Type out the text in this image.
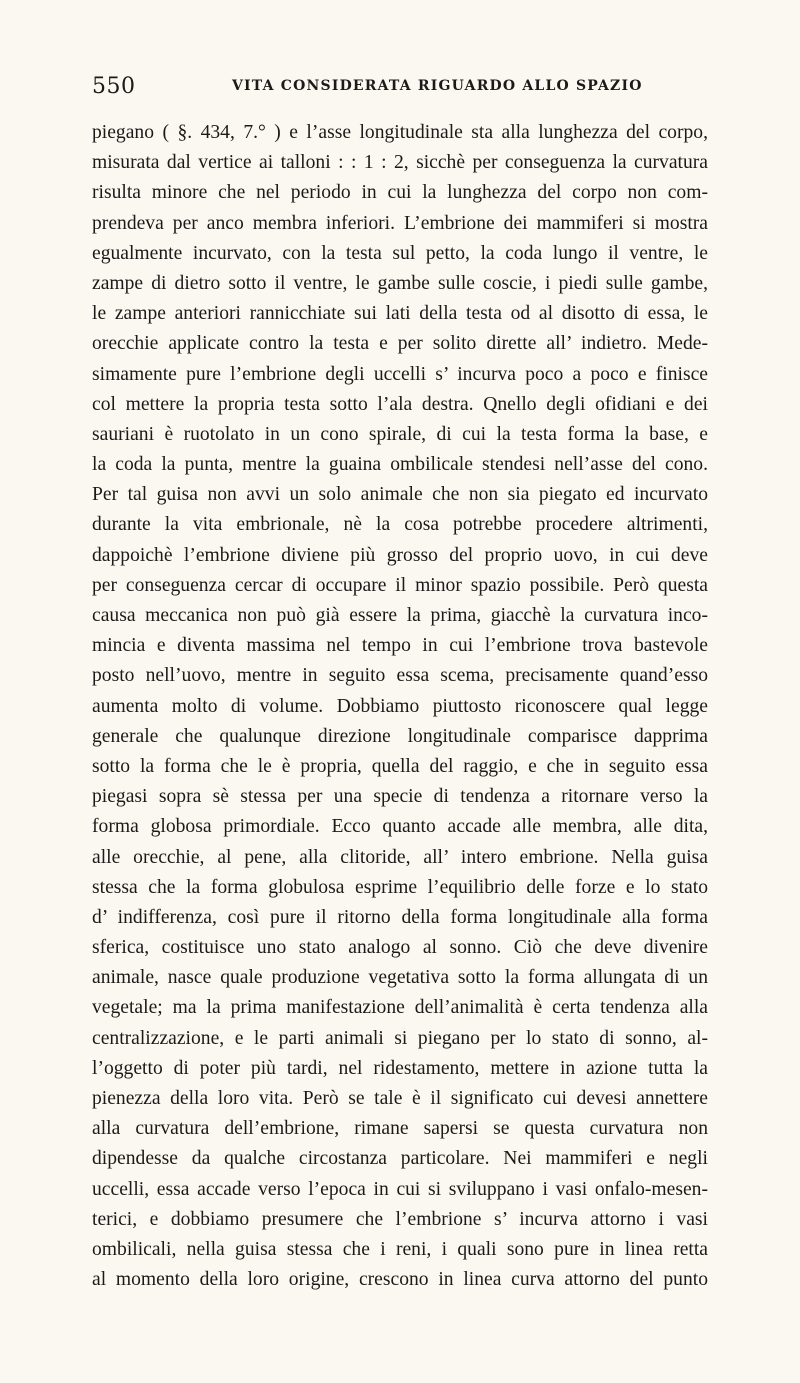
550	VITA CONSIDERATA RIGUARDO ALLO SPAZIO
piegano ( §. 434, 7.° ) e l’asse longitudinale sta alla lunghezza del corpo,
misurata dal vertice ai talloni : : 1 : 2, sicchè per conseguenza la curvatura
risulta minore che nel periodo in cui la lunghezza del corpo non com-
prendeva per anco membra inferiori. L’embrione dei mammiferi si mostra
egualmente incurvato, con la testa sul petto, la coda lungo il ventre, le
zampe di dietro sotto il ventre, le gambe sulle coscie, i piedi sulle gambe,
le zampe anteriori rannicchiate sui lati della testa od al disotto di essa, le
orecchie applicate contro la testa e per solito dirette all’ indietro. Mede-
simamente pure l’embrione degli uccelli s’ incurva poco a poco e finisce
col mettere la propria testa sotto l’ala destra. Qnello degli ofidiani e dei
sauriani è ruotolato in un cono spirale, di cui la testa forma la base, e
la coda la punta, mentre la guaina ombilicale stendesi nell’asse del cono.
Per tal guisa non avvi un solo animale che non sia piegato ed incurvato
durante la vita embrionale, nè la cosa potrebbe procedere altrimenti,
dappoichè l’embrione diviene più grosso del proprio uovo, in cui deve
per conseguenza cercar di occupare il minor spazio possibile. Però questa
causa meccanica non può già essere la prima, giacchè la curvatura inco-
mincia e diventa massima nel tempo in cui l’embrione trova bastevole
posto nell’uovo, mentre in seguito essa scema, precisamente quand’esso
aumenta molto di volume. Dobbiamo piuttosto riconoscere qual legge
generale che qualunque direzione longitudinale comparisce dapprima
sotto la forma che le è propria, quella del raggio, e che in seguito essa
piegasi sopra sè stessa per una specie di tendenza a ritornare verso la
forma globosa primordiale. Ecco quanto accade alle membra, alle dita,
alle orecchie, al pene, alla clitoride, all’ intero embrione. Nella guisa
stessa che la forma globulosa esprime l’equilibrio delle forze e lo stato
d’ indifferenza, così pure il ritorno della forma longitudinale alla forma
sferica, costituisce uno stato analogo al sonno. Ciò che deve divenire
animale, nasce quale produzione vegetativa sotto la forma allungata di un
vegetale; ma la prima manifestazione dell’animalità è certa tendenza alla
centralizzazione, e le parti animali si piegano per lo stato di sonno, al-
l’oggetto di poter più tardi, nel ridestamento, mettere in azione tutta la
pienezza della loro vita. Però se tale è il significato cui devesi annettere
alla curvatura dell’embrione, rimane sapersi se questa curvatura non
dipendesse da qualche circostanza particolare. Nei mammiferi e negli
uccelli, essa accade verso l’epoca in cui si sviluppano i vasi onfalo-mesen-
terici, e dobbiamo presumere che l’embrione s’ incurva attorno i vasi
ombilicali, nella guisa stessa che i reni, i quali sono pure in linea retta
al momento della loro origine, crescono in linea curva attorno del punto
